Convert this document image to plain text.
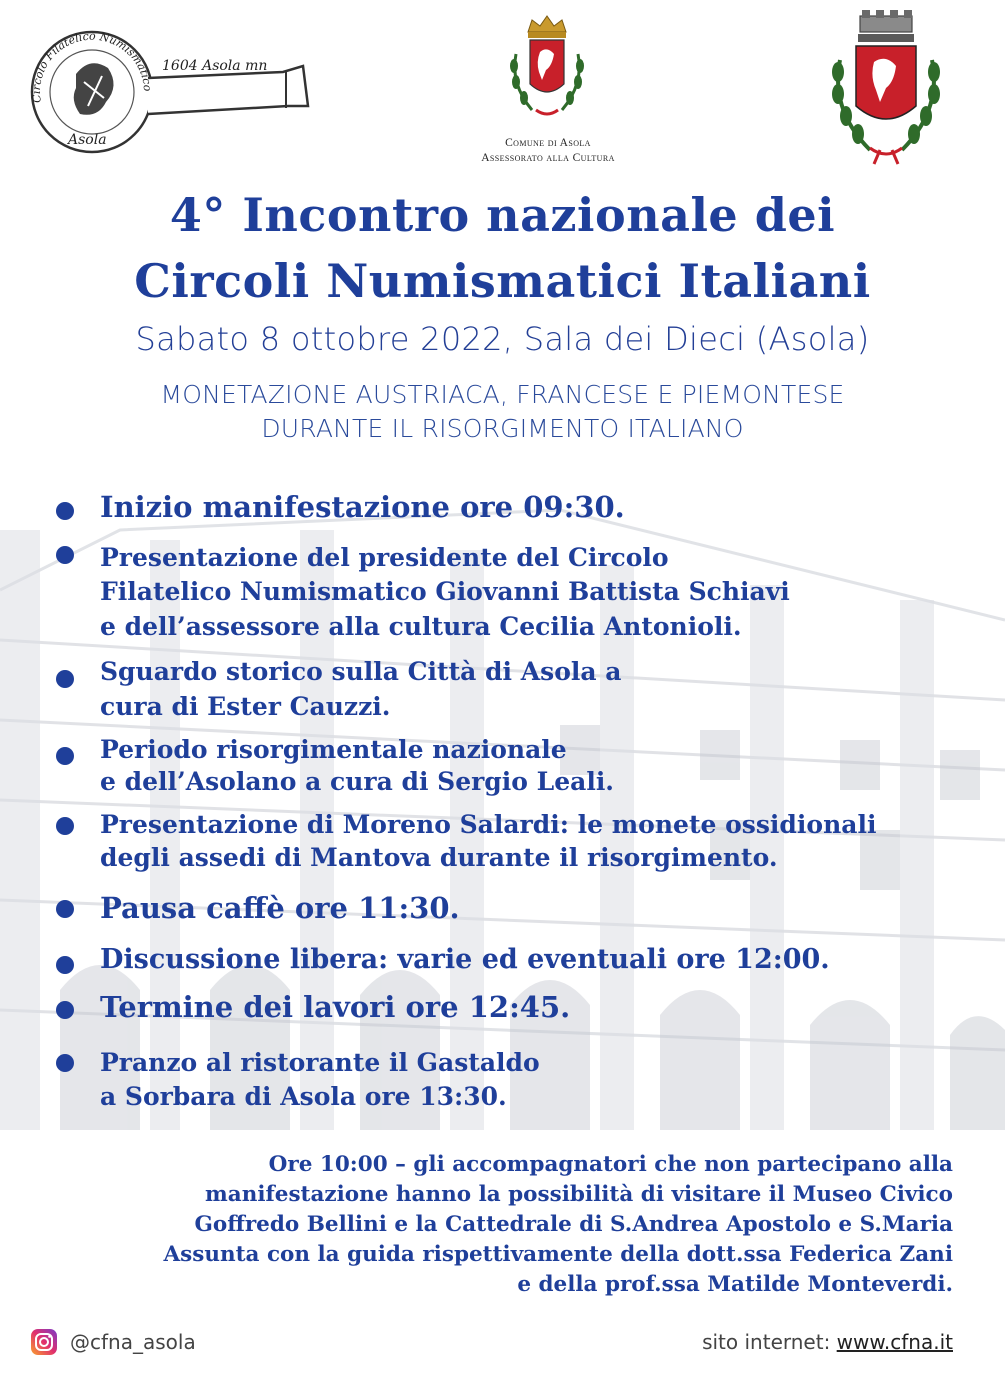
1604 Asola mn
Asola
Circolo Filatelico Numismatico
Comune di Asola
Assessorato alla Cultura
4° Incontro nazionale dei
Circoli Numismatici Italiani
Sabato 8 ottobre 2022, Sala dei Dieci (Asola)
MONETAZIONE AUSTRIACA, FRANCESE E PIEMONTESE
DURANTE IL RISORGIMENTO ITALIANO
Inizio manifestazione ore 09:30.
Presentazione del presidente del Circolo
Filatelico Numismatico Giovanni Battista Schiavi
e dell’assessore alla cultura Cecilia Antonioli.
Sguardo storico sulla Città di Asola a
cura di Ester Cauzzi.
Periodo risorgimentale nazionale
e dell’Asolano a cura di Sergio Leali.
Presentazione di Moreno Salardi: le monete ossidionali
degli assedi di Mantova durante il risorgimento.
Pausa caffè ore 11:30.
Discussione libera: varie ed eventuali ore 12:00.
Termine dei lavori ore 12:45.
Pranzo al ristorante il Gastaldo
a Sorbara di Asola ore 13:30.
Ore 10:00 – gli accompagnatori che non partecipano alla
manifestazione hanno la possibilità di visitare il Museo Civico
Goffredo Bellini e la Cattedrale di S.Andrea Apostolo e S.Maria
Assunta con la guida rispettivamente della dott.ssa Federica Zani
e della prof.ssa Matilde Monteverdi.
@cfna_asola	sito internet: www.cfna.it
